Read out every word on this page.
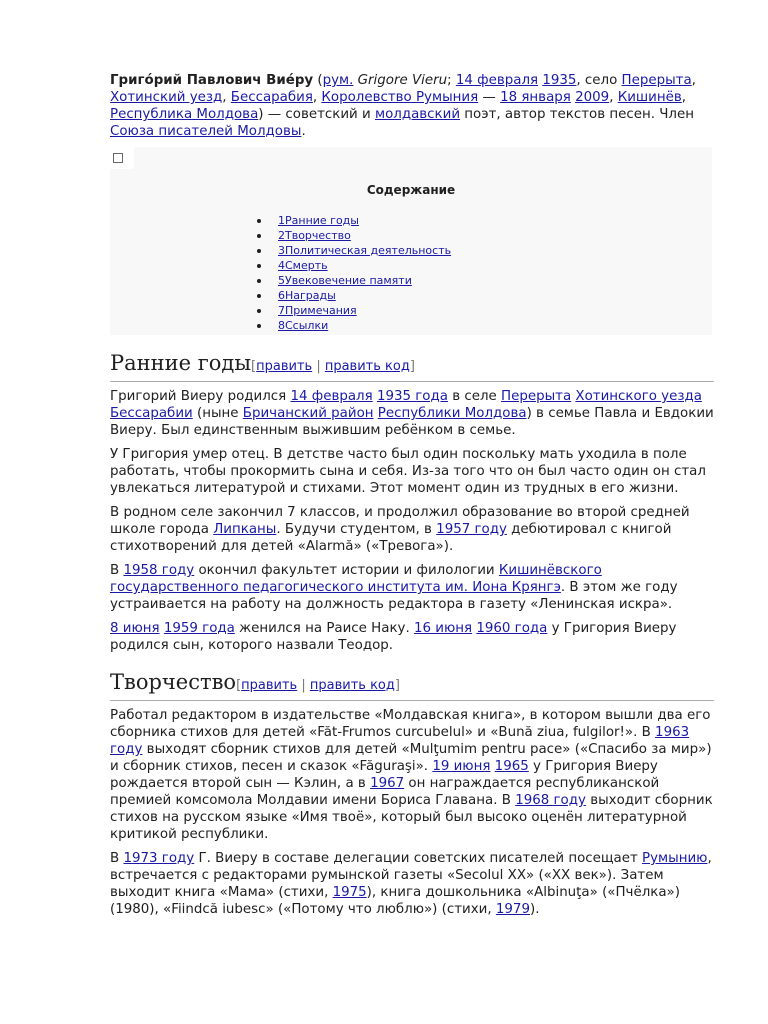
Григо́рий Павлович Вие́ру (рум. Grigore Vieru; 14 февраля 1935, село Перерыта, Хотинский уезд, Бессарабия, Королевство Румыния — 18 января 2009, Кишинёв, Республика Молдова) — советский и молдавский поэт, автор текстов песен. Член Союза писателей Молдовы.

Содержание
1Ранние годы
2Творчество
3Политическая деятельность
4Смерть
5Увековечение памяти
6Награды
7Примечания
8Ссылки
Ранние годы[править | править код]

Григорий Виеру родился 14 февраля 1935 года в селе Перерыта Хотинского уезда Бессарабии (ныне Бричанский район Республики Молдова) в семье Павла и Евдокии Виеру. Был единственным выжившим ребёнком в семье.

У Григория умер отец. В детстве часто был один поскольку мать уходила в поле работать, чтобы прокормить сына и себя. Из-за того что он был часто один он стал увлекаться литературой и стихами. Этот момент один из трудных в его жизни.

В родном селе закончил 7 классов, и продолжил образование во второй средней школе города Липканы. Будучи студентом, в 1957 году дебютировал с книгой стихотворений для детей «Alarmă» («Тревога»).

В 1958 году окончил факультет истории и филологии Кишинёвского государственного педагогического института им. Иона Крянгэ. В этом же году устраивается на работу на должность редактора в газету «Ленинская искра».

8 июня 1959 года женился на Раисе Наку. 16 июня 1960 года у Григория Виеру родился сын, которого назвали Теодор.

Творчество[править | править код]

Работал редактором в издательстве «Молдавская книга», в котором вышли два его сборника стихов для детей «Făt-Frumos curcubelul» и «Bună ziua, fulgilor!». В 1963 году выходят сборник стихов для детей «Mulţumim pentru pace» («Спасибо за мир») и сборник стихов, песен и сказок «Făguraşi». 19 июня 1965 у Григория Виеру рождается второй сын — Кэлин, а в 1967 он награждается республиканской премией комсомола Молдавии имени Бориса Главана. В 1968 году выходит сборник стихов на русском языке «Имя твоё», который был высоко оценён литературной критикой республики.

В 1973 году Г. Виеру в составе делегации советских писателей посещает Румынию, встречается с редакторами румынской газеты «Secolul XX» («XX век»). Затем выходит книга «Мама» (стихи, 1975), книга дошкольника «Albinuţa» («Пчёлка») (1980), «Fiindcă iubesc» («Потому что люблю») (стихи, 1979).
